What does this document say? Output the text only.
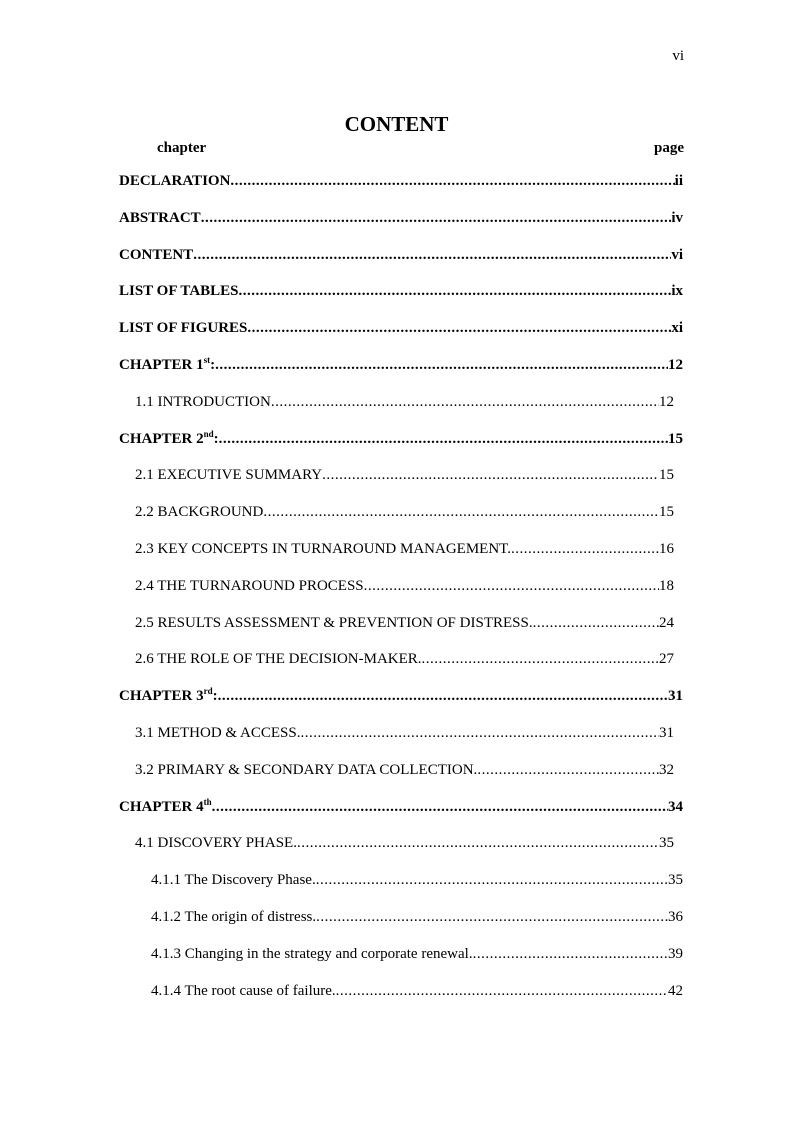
vi
CONTENT
chapter	page
DECLARATION .....	ii
ABSTRACT .....	iv
CONTENT .....	vi
LIST OF TABLES .....	ix
LIST OF FIGURES .....	xi
CHAPTER 1st: .....	12
1.1 INTRODUCTION .....	12
CHAPTER 2nd: .....	15
2.1 EXECUTIVE SUMMARY .....	15
2.2 BACKGROUND .....	15
2.3 KEY CONCEPTS IN TURNAROUND MANAGEMENT. .....	16
2.4 THE TURNAROUND PROCESS .....	18
2.5 RESULTS ASSESSMENT & PREVENTION OF DISTRESS. .....	24
2.6 THE ROLE OF THE DECISION-MAKER. .....	27
CHAPTER 3rd: .....	31
3.1 METHOD & ACCESS. .....	31
3.2 PRIMARY & SECONDARY DATA COLLECTION. .....	32
CHAPTER 4th .....	34
4.1 DISCOVERY PHASE. .....	35
4.1.1 The Discovery Phase. .....	35
4.1.2 The origin of distress. .....	36
4.1.3 Changing in the strategy and corporate renewal. .....	39
4.1.4 The root cause of failure. .....	42
